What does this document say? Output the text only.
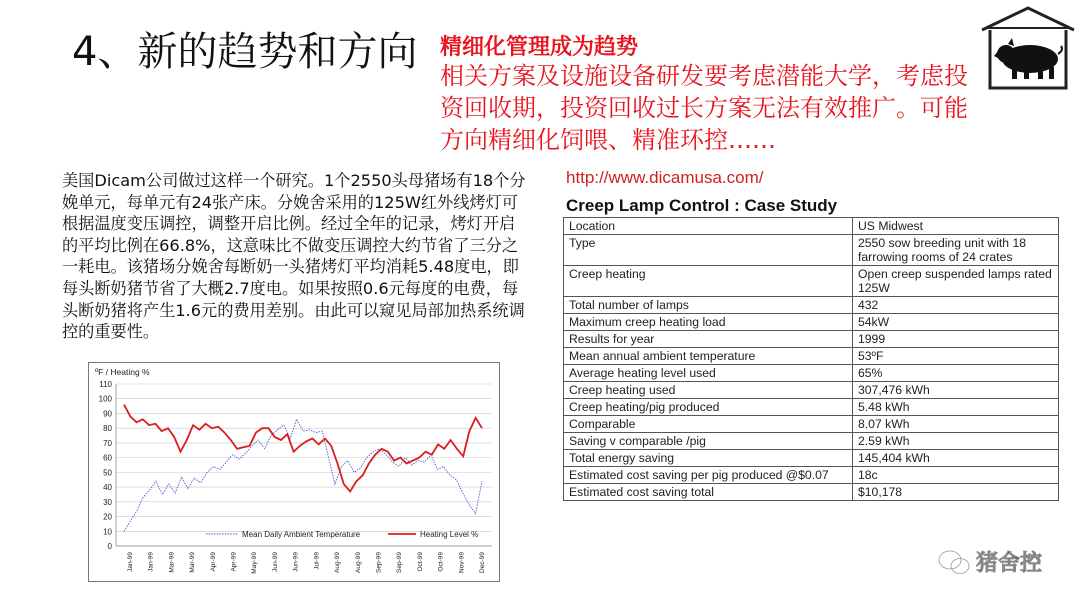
4、新的趋势和方向 精细化管理成为趋势
相关方案及设施设备研发要考虑潜能大学，考虑投资回收期，投资回收过长方案无法有效推广。可能方向精细化饲喂、精准环控……
美国Dicam公司做过这样一个研究。1个2550头母猪场有18个分娩单元，每单元有24张产床。分娩舍采用的125W红外线烤灯可根据温度变压调控，调整开启比例。经过全年的记录，烤灯开启的平均比例在66.8%，这意味比不做变压调控大约节省了三分之一耗电。该猪场分娩舍每断奶一头猪烤灯平均消耗5.48度电，即每头断奶猪节省了大概2.7度电。如果按照0.6元每度的电费，每头断奶猪将产生1.6元的费用差别。由此可以窥见局部加热系统调控的重要性。
http://www.dicamusa.com/
Creep Lamp Control : Case Study
Location	US Midwest
Type	2550 sow breeding unit with 18 farrowing rooms of 24 crates
Creep heating	Open creep suspended lamps rated 125W
Total number of lamps	432
Maximum creep heating load	54kW
Results for year	1999
Mean annual ambient temperature	53ºF
Average heating level used	65%
Creep heating used	307,476 kWh
Creep heating/pig produced	5.48 kWh
Comparable	8.07 kWh
Saving v comparable /pig	2.59 kWh
Total energy saving	145,404 kWh
Estimated cost saving per pig produced @$0.07	18c
Estimated cost saving total	$10,178
ºF / Heating %
0
10
20
30
40
50
60
70
80
90
100
110
Jan-99 Jan-99 Mar-99 Mar-99 Apr-99 Apr-99 May-99 Jun-99 Jun-99 Jul-99 Aug-99 Aug-99 Sep-99 Sep-99 Oct-99 Oct-99 Nov-99 Dec-99
Mean Daily Ambient Temperature	Heating Level %
猪舍控
